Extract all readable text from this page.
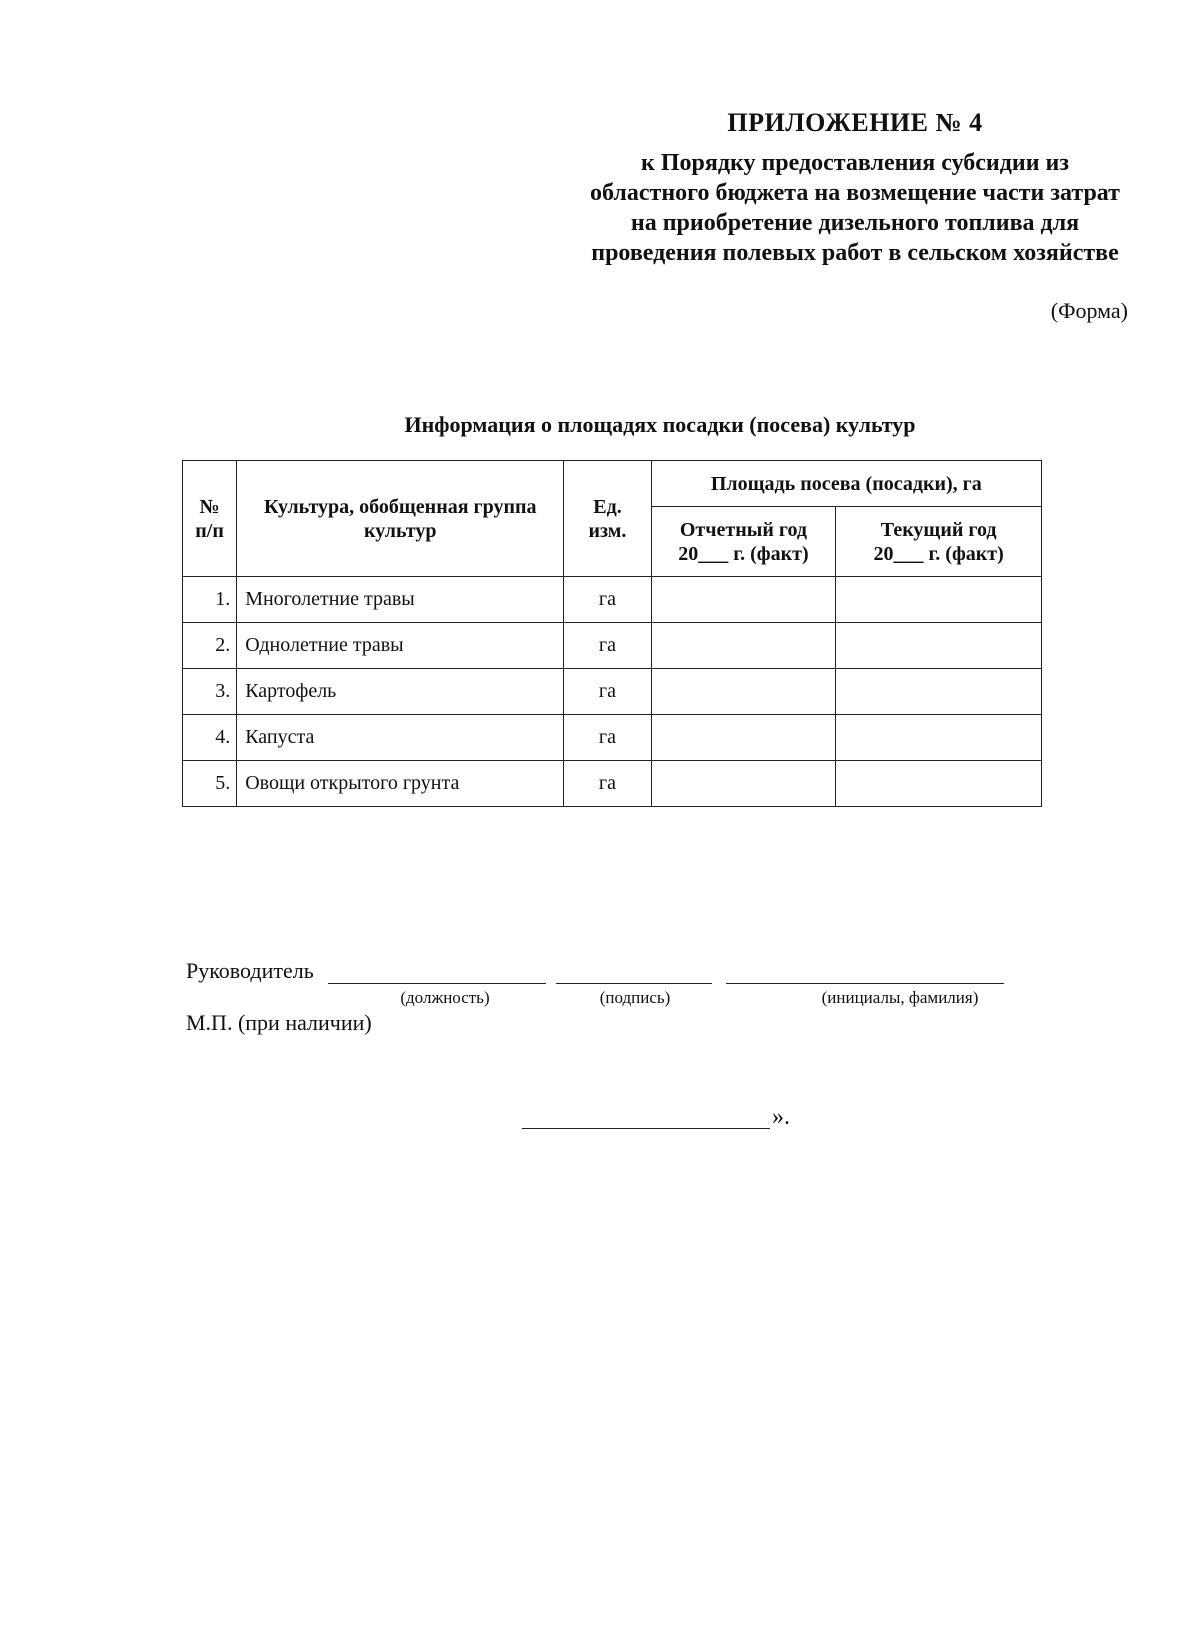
ПРИЛОЖЕНИЕ № 4
к Порядку предоставления субсидии из областного бюджета на возмещение части затрат на приобретение дизельного топлива для проведения полевых работ в сельском хозяйстве
(Форма)
Информация о площадях посадки (посева) культур
№ п/п	Культура, обобщенная группа культур	Ед. изм.	Площадь посева (посадки), га	
			Отчетный год 20___ г. (факт)	Текущий год 20___ г. (факт)
1.	Многолетние травы	га		
2.	Однолетние травы	га		
3.	Картофель	га		
4.	Капуста	га		
5.	Овощи открытого грунта	га		
Руководитель
(должность)	(подпись)	(инициалы, фамилия)
М.П. (при наличии)
».
